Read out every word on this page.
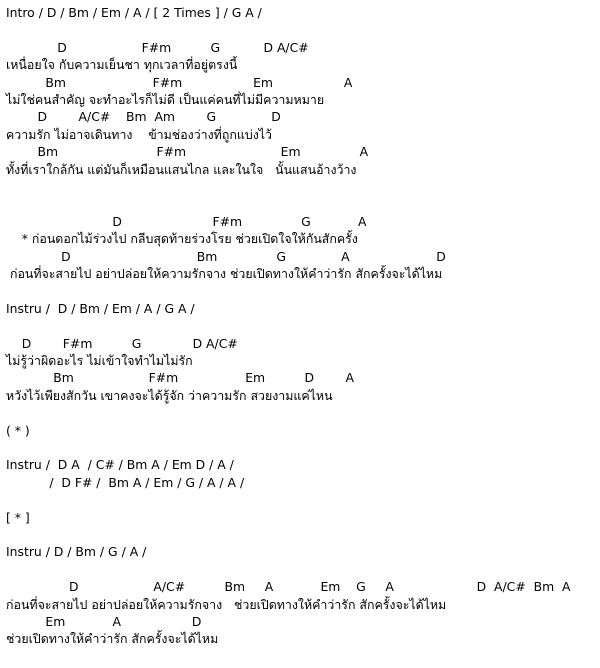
Intro / D / Bm / Em / A / [ 2 Times ] / G A /
D                   F#m          G           D A/C#
เหนื่อยใจ กับความเย็นชา ทุกเวลาที่อยู่ตรงนี้
Bm                      F#m                  Em                  A
ไม่ใช่คนสำคัญ จะทำอะไรก็ไม่ดี เป็นแค่คนที่ไม่มีความหมาย
D        A/C#    Bm  Am        G              D
ความรัก ไม่อาจเดินทาง    ข้ามช่องว่างที่ถูกแบ่งไว้
Bm                         F#m                        Em               A
ทั้งที่เราใกล้กัน แต่มันก็เหมือนแสนไกล และในใจ   นั้นแสนอ้างว้าง
D                       F#m               G            A
* ก่อนดอกไม้ร่วงไป กลีบสุดท้ายร่วงโรย ช่วยเปิดใจให้กันสักครั้ง
D                                Bm               G              A                      D
ก่อนที่จะสายไป อย่าปล่อยให้ความรักจาง ช่วยเปิดทางให้คำว่ารัก สักครั้งจะได้ไหม
Instru /  D / Bm / Em / A / G A /
D        F#m          G             D A/C#
ไม่รู้ว่าผิดอะไร ไม่เข้าใจทำไมไม่รัก
Bm                   F#m                 Em          D        A
หวังไว้เพียงสักวัน เขาคงจะได้รู้จัก ว่าความรัก สวยงามแค่ไหน
( * )
Instru /  D A  / C# / Bm A / Em D / A /
/  D F# /  Bm A / Em / G / A / A /
[ * ]
Instru / D / Bm / G / A /
D                   A/C#          Bm     A            Em    G     A                     D  A/C#  Bm  A
ก่อนที่จะสายไป อย่าปล่อยให้ความรักจาง   ช่วยเปิดทางให้คำว่ารัก สักครั้งจะได้ไหม
Em            A                  D
ช่วยเปิดทางให้คำว่ารัก สักครั้งจะได้ไหม
